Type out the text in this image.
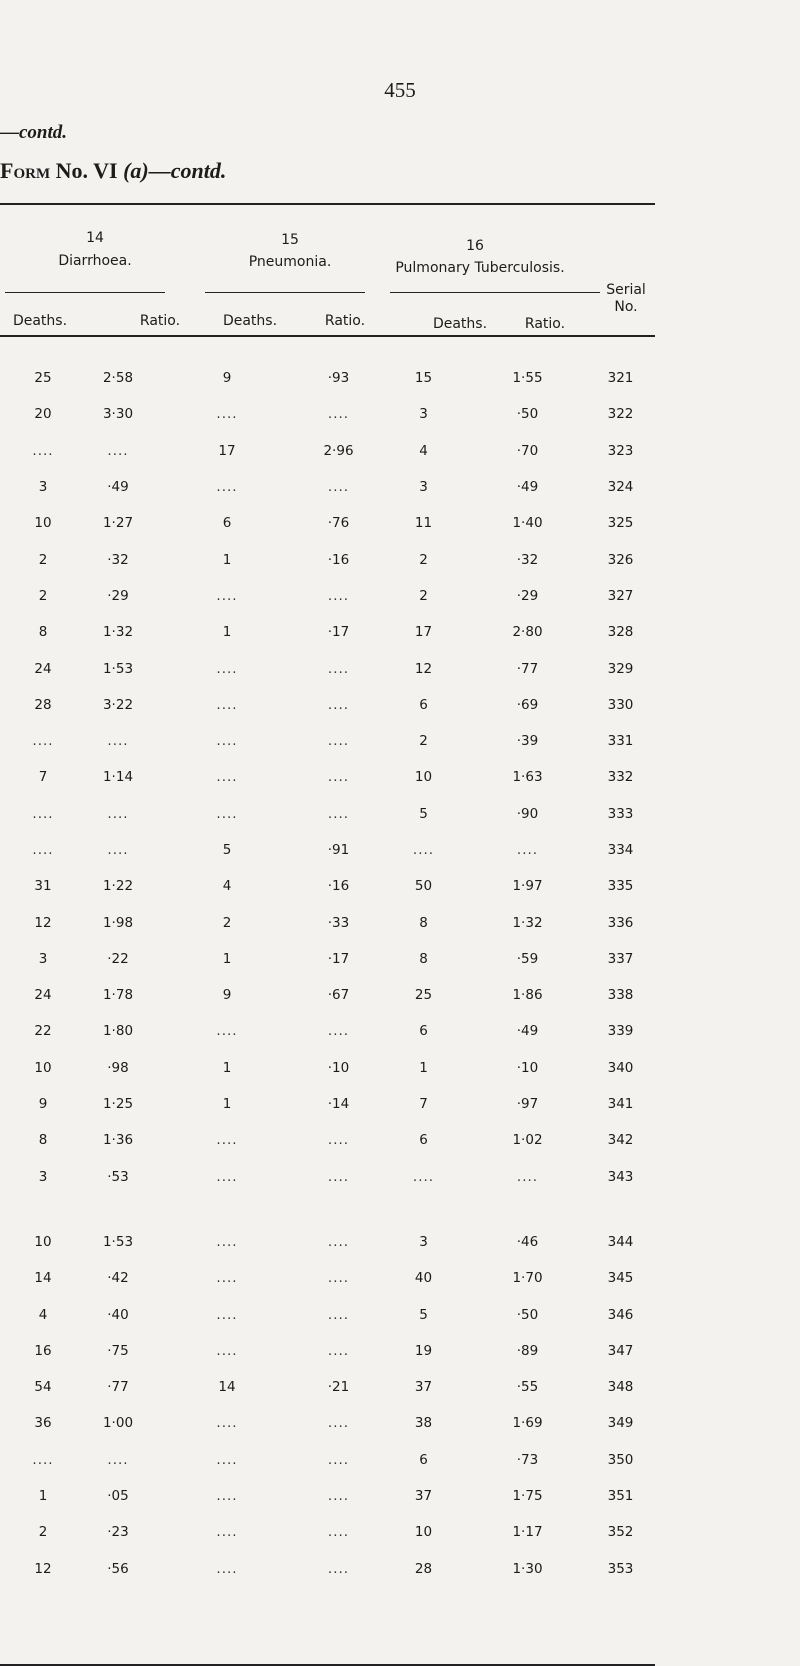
455
—contd.
Form No. VI (a)—contd.
14
Diarrhoea.
15
Pneumonia.
16
Pulmonary Tuberculosis.
Serial No.
Deaths.	Ratio.	Deaths.	Ratio.	Deaths.	Ratio.
25	2·58	9	·93	15	1·55	321
20	3·30	....	....	3	·50	322
....	....	17	2·96	4	·70	323
3	·49	....	....	3	·49	324
10	1·27	6	·76	11	1·40	325
2	·32	1	·16	2	·32	326
2	·29	....	....	2	·29	327
8	1·32	1	·17	17	2·80	328
24	1·53	....	....	12	·77	329
28	3·22	....	....	6	·69	330
....	....	....	....	2	·39	331
7	1·14	....	....	10	1·63	332
....	....	....	....	5	·90	333
....	....	5	·91	....	....	334
31	1·22	4	·16	50	1·97	335
12	1·98	2	·33	8	1·32	336
3	·22	1	·17	8	·59	337
24	1·78	9	·67	25	1·86	338
22	1·80	....	....	6	·49	339
10	·98	1	·10	1	·10	340
9	1·25	1	·14	7	·97	341
8	1·36	....	....	6	1·02	342
3	·53	....	....	....	....	343

10	1·53	....	....	3	·46	344
14	·42	....	....	40	1·70	345
4	·40	....	....	5	·50	346
16	·75	....	....	19	·89	347
54	·77	14	·21	37	·55	348
36	1·00	....	....	38	1·69	349
....	....	....	....	6	·73	350
1	·05	....	....	37	1·75	351
2	·23	....	....	10	1·17	352
12	·56	....	....	28	1·30	353
